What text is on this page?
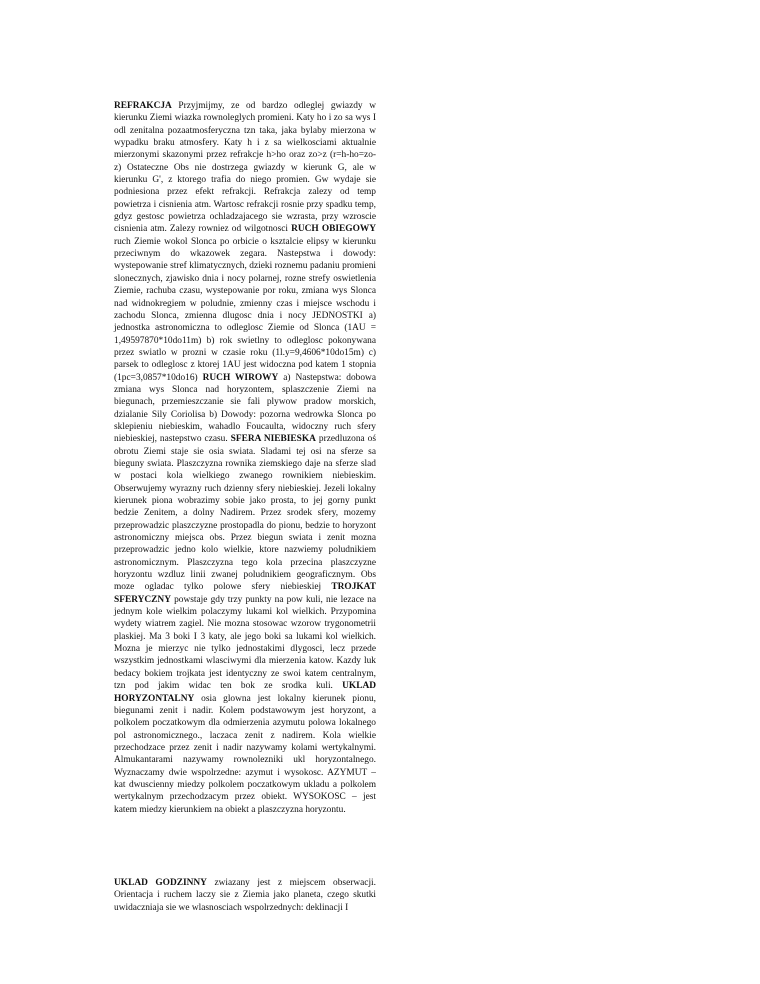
REFRAKCJA Przyjmijmy, ze od bardzo odleglej gwiazdy w kierunku Ziemi wiazka rownoleglych promieni. Katy ho i zo sa wys I odl zenitalna pozaatmosferyczna tzn taka, jaka bylaby mierzona w wypadku braku atmosfery. Katy h i z sa wielkosciami aktualnie mierzonymi skazonymi przez refrakcje h>ho oraz zo>z (r=h-ho=zo-z) Ostateczne Obs nie dostrzega gwiazdy w kierunk G, ale w kierunku G', z ktorego trafia do niego promien. Gw wydaje sie podniesiona przez efekt refrakcji. Refrakcja zalezy od temp powietrza i cisnienia atm. Wartosc refrakcji rosnie przy spadku temp, gdyz gestosc powietrza ochladzajacego sie wzrasta, przy wzroscie cisnienia atm. Zalezy rowniez od wilgotnosci RUCH OBIEGOWY ruch Ziemie wokol Slonca po orbicie o ksztalcie elipsy w kierunku przeciwnym do wkazowek zegara. Nastepstwa i dowody: wystepowanie stref klimatycznych, dzieki roznemu padaniu promieni slonecznych, zjawisko dnia i nocy polarnej, rozne strefy oswietlenia Ziemie, rachuba czasu, wystepowanie por roku, zmiana wys Slonca nad widnokregiem w poludnie, zmienny czas i miejsce wschodu i zachodu Slonca, zmienna dlugosc dnia i nocy JEDNOSTKI a) jednostka astronomiczna to odleglosc Ziemie od Slonca (1AU = 1,49597870*10do11m) b) rok swietlny to odleglosc pokonywana przez swiatlo w prozni w czasie roku (1l.y=9,4606*10do15m) c) parsek to odleglosc z ktorej 1AU jest widoczna pod katem 1 stopnia (1pc=3,0857*10do16) RUCH WIROWY a) Nastepstwa: dobowa zmiana wys Slonca nad horyzontem, splaszczenie Ziemi na biegunach, przemieszczanie sie fali plywow pradow morskich, dzialanie Sily Coriolisa b) Dowody: pozorna wedrowka Slonca po sklepieniu niebieskim, wahadlo Foucaulta, widoczny ruch sfery niebieskiej, nastepstwo czasu. SFERA NIEBIESKA przedluzona oś obrotu Ziemi staje sie osia swiata. Sladami tej osi na sferze sa bieguny swiata. Plaszczyzna rownika ziemskiego daje na sferze slad w postaci kola wielkiego zwanego rownikiem niebieskim. Obserwujemy wyrazny ruch dzienny sfery niebieskiej. Jezeli lokalny kierunek piona wobrazimy sobie jako prosta, to jej gorny punkt bedzie Zenitem, a dolny Nadirem. Przez srodek sfery, mozemy przeprowadzic plaszczyzne prostopadla do pionu, bedzie to horyzont astronomiczny miejsca obs. Przez biegun swiata i zenit mozna przeprowadzic jedno kolo wielkie, ktore nazwiemy poludnikiem astronomicznym. Plaszczyzna tego kola przecina plaszczyzne horyzontu wzdluz linii zwanej poludnikiem geograficznym. Obs moze ogladac tylko polowe sfery niebieskiej TROJKAT SFERYCZNY powstaje gdy trzy punkty na pow kuli, nie lezace na jednym kole wielkim polaczymy lukami kol wielkich. Przypomina wydety wiatrem zagiel. Nie mozna stosowac wzorow trygonometrii plaskiej. Ma 3 boki I 3 katy, ale jego boki sa lukami kol wielkich. Mozna je mierzyc nie tylko jednostakimi dlygosci, lecz przede wszystkim jednostkami wlasciwymi dla mierzenia katow. Kazdy luk bedacy bokiem trojkata jest identyczny ze swoi katem centralnym, tzn pod jakim widac ten bok ze srodka kuli. UKLAD HORYZONTALNY osia glowna jest lokalny kierunek pionu, biegunami zenit i nadir. Kolem podstawowym jest horyzont, a polkolem poczatkowym dla odmierzenia azymutu polowa lokalnego pol astronomicznego., laczaca zenit z nadirem. Kola wielkie przechodzace przez zenit i nadir nazywamy kolami wertykalnymi. Almukantarami nazywamy rownolezniki ukl horyzontalnego. Wyznaczamy dwie wspolrzedne: azymut i wysokosc. AZYMUT – kat dwuscienny miedzy polkolem poczatkowym ukladu a polkolem wertykalnym przechodzacym przez obiekt. WYSOKOSC – jest katem miedzy kierunkiem na obiekt a plaszczyzna horyzontu.

UKLAD GODZINNY zwiazany jest z miejscem obserwacji. Orientacja i ruchem laczy sie z Ziemia jako planeta, czego skutki uwidaczniaja sie we wlasnosciach wspolrzednych: deklinacji I
